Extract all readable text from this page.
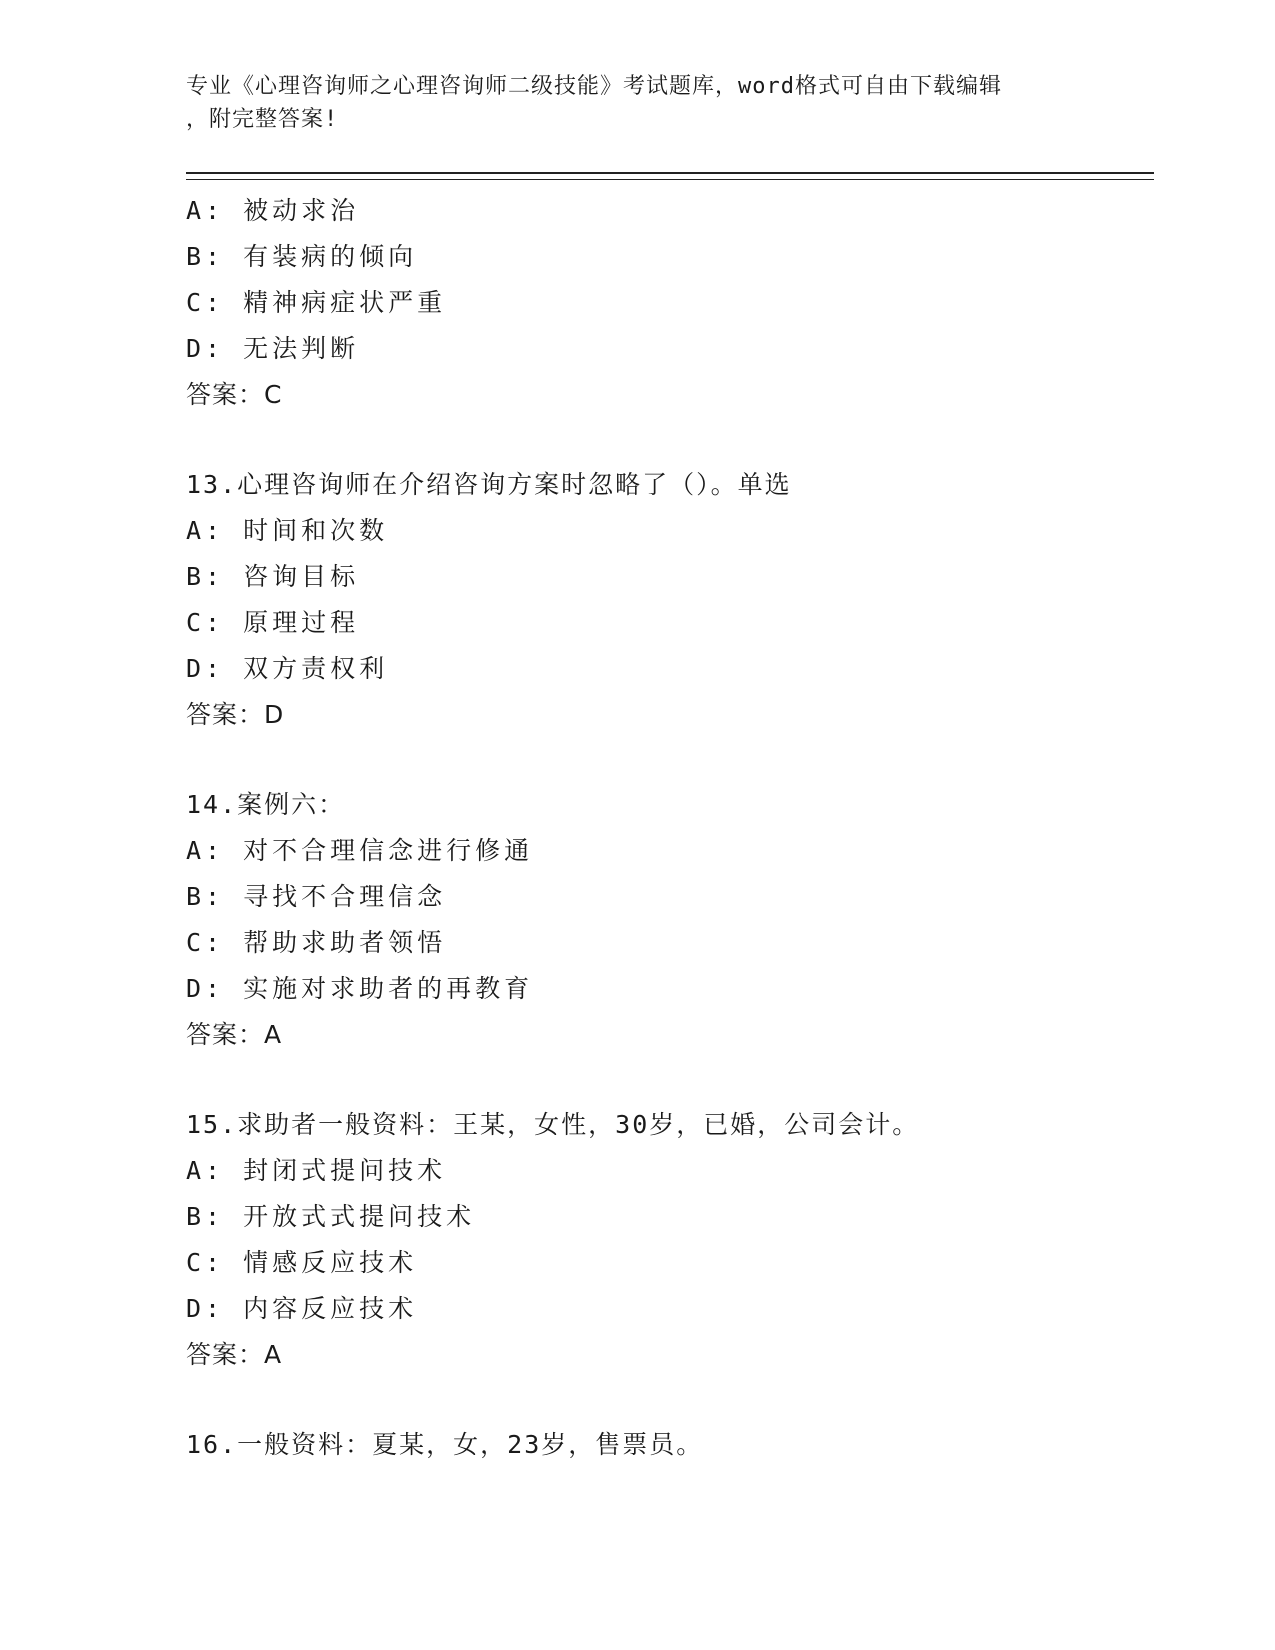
专业《心理咨询师之心理咨询师二级技能》考试题库，word格式可自由下载编辑
，附完整答案!

A: 被动求治
B: 有装病的倾向
C: 精神病症状严重
D: 无法判断
答案：C
13.心理咨询师在介绍咨询方案时忽略了（）。单选
A: 时间和次数
B: 咨询目标
C: 原理过程
D: 双方责权利
答案：D
14.案例六：
A: 对不合理信念进行修通
B: 寻找不合理信念
C: 帮助求助者领悟
D: 实施对求助者的再教育
答案：A
15.求助者一般资料：王某，女性，30岁，已婚，公司会计。
A: 封闭式提问技术
B: 开放式式提问技术
C: 情感反应技术
D: 内容反应技术
答案：A
16.一般资料：夏某，女，23岁，售票员。
